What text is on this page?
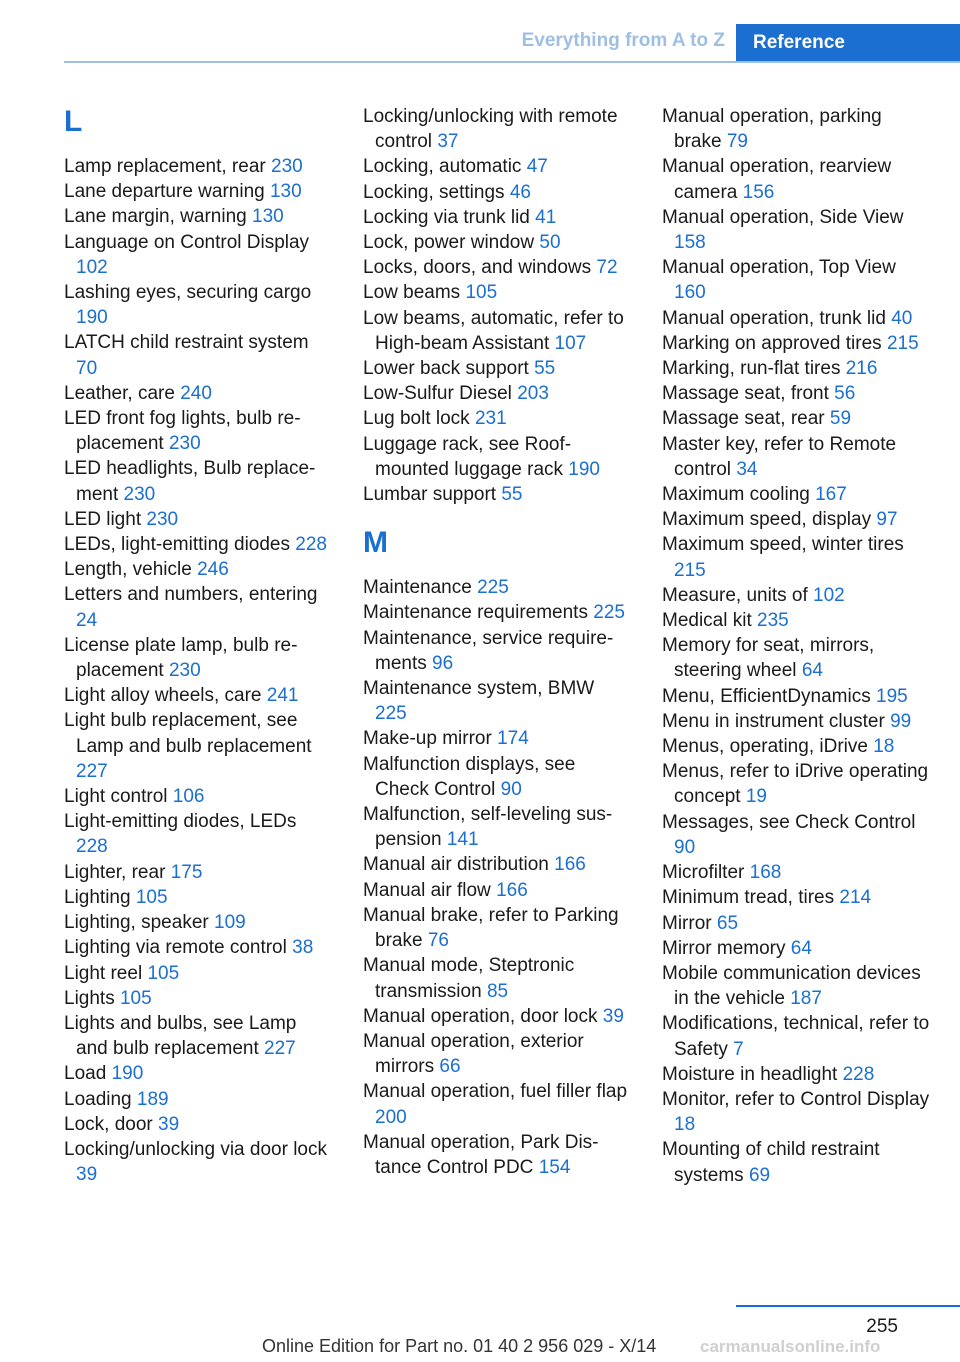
Everything from A to Z	Reference
L
Lamp replacement, rear 230
Lane departure warning 130
Lane margin, warning 130
Language on Control Display 102
Lashing eyes, securing cargo 190
LATCH child restraint system 70
Leather, care 240
LED front fog lights, bulb replacement 230
LED headlights, Bulb replacement 230
LED light 230
LEDs, light-emitting diodes 228
Length, vehicle 246
Letters and numbers, entering 24
License plate lamp, bulb replacement 230
Light alloy wheels, care 241
Light bulb replacement, see Lamp and bulb replacement 227
Light control 106
Light-emitting diodes, LEDs 228
Lighter, rear 175
Lighting 105
Lighting, speaker 109
Lighting via remote control 38
Light reel 105
Lights 105
Lights and bulbs, see Lamp and bulb replacement 227
Load 190
Loading 189
Lock, door 39
Locking/unlocking via door lock 39
Locking/unlocking with remote control 37
Locking, automatic 47
Locking, settings 46
Locking via trunk lid 41
Lock, power window 50
Locks, doors, and windows 72
Low beams 105
Low beams, automatic, refer to High-beam Assistant 107
Lower back support 55
Low-Sulfur Diesel 203
Lug bolt lock 231
Luggage rack, see Roof-mounted luggage rack 190
Lumbar support 55
M
Maintenance 225
Maintenance requirements 225
Maintenance, service requirements 96
Maintenance system, BMW 225
Make-up mirror 174
Malfunction displays, see Check Control 90
Malfunction, self-leveling suspension 141
Manual air distribution 166
Manual air flow 166
Manual brake, refer to Parking brake 76
Manual mode, Steptronic transmission 85
Manual operation, door lock 39
Manual operation, exterior mirrors 66
Manual operation, fuel filler flap 200
Manual operation, Park Distance Control PDC 154
Manual operation, parking brake 79
Manual operation, rearview camera 156
Manual operation, Side View 158
Manual operation, Top View 160
Manual operation, trunk lid 40
Marking on approved tires 215
Marking, run-flat tires 216
Massage seat, front 56
Massage seat, rear 59
Master key, refer to Remote control 34
Maximum cooling 167
Maximum speed, display 97
Maximum speed, winter tires 215
Measure, units of 102
Medical kit 235
Memory for seat, mirrors, steering wheel 64
Menu, EfficientDynamics 195
Menu in instrument cluster 99
Menus, operating, iDrive 18
Menus, refer to iDrive operating concept 19
Messages, see Check Control 90
Microfilter 168
Minimum tread, tires 214
Mirror 65
Mirror memory 64
Mobile communication devices in the vehicle 187
Modifications, technical, refer to Safety 7
Moisture in headlight 228
Monitor, refer to Control Display 18
Mounting of child restraint systems 69
255
Online Edition for Part no. 01 40 2 956 029 - X/14	carmanualsonline.info
